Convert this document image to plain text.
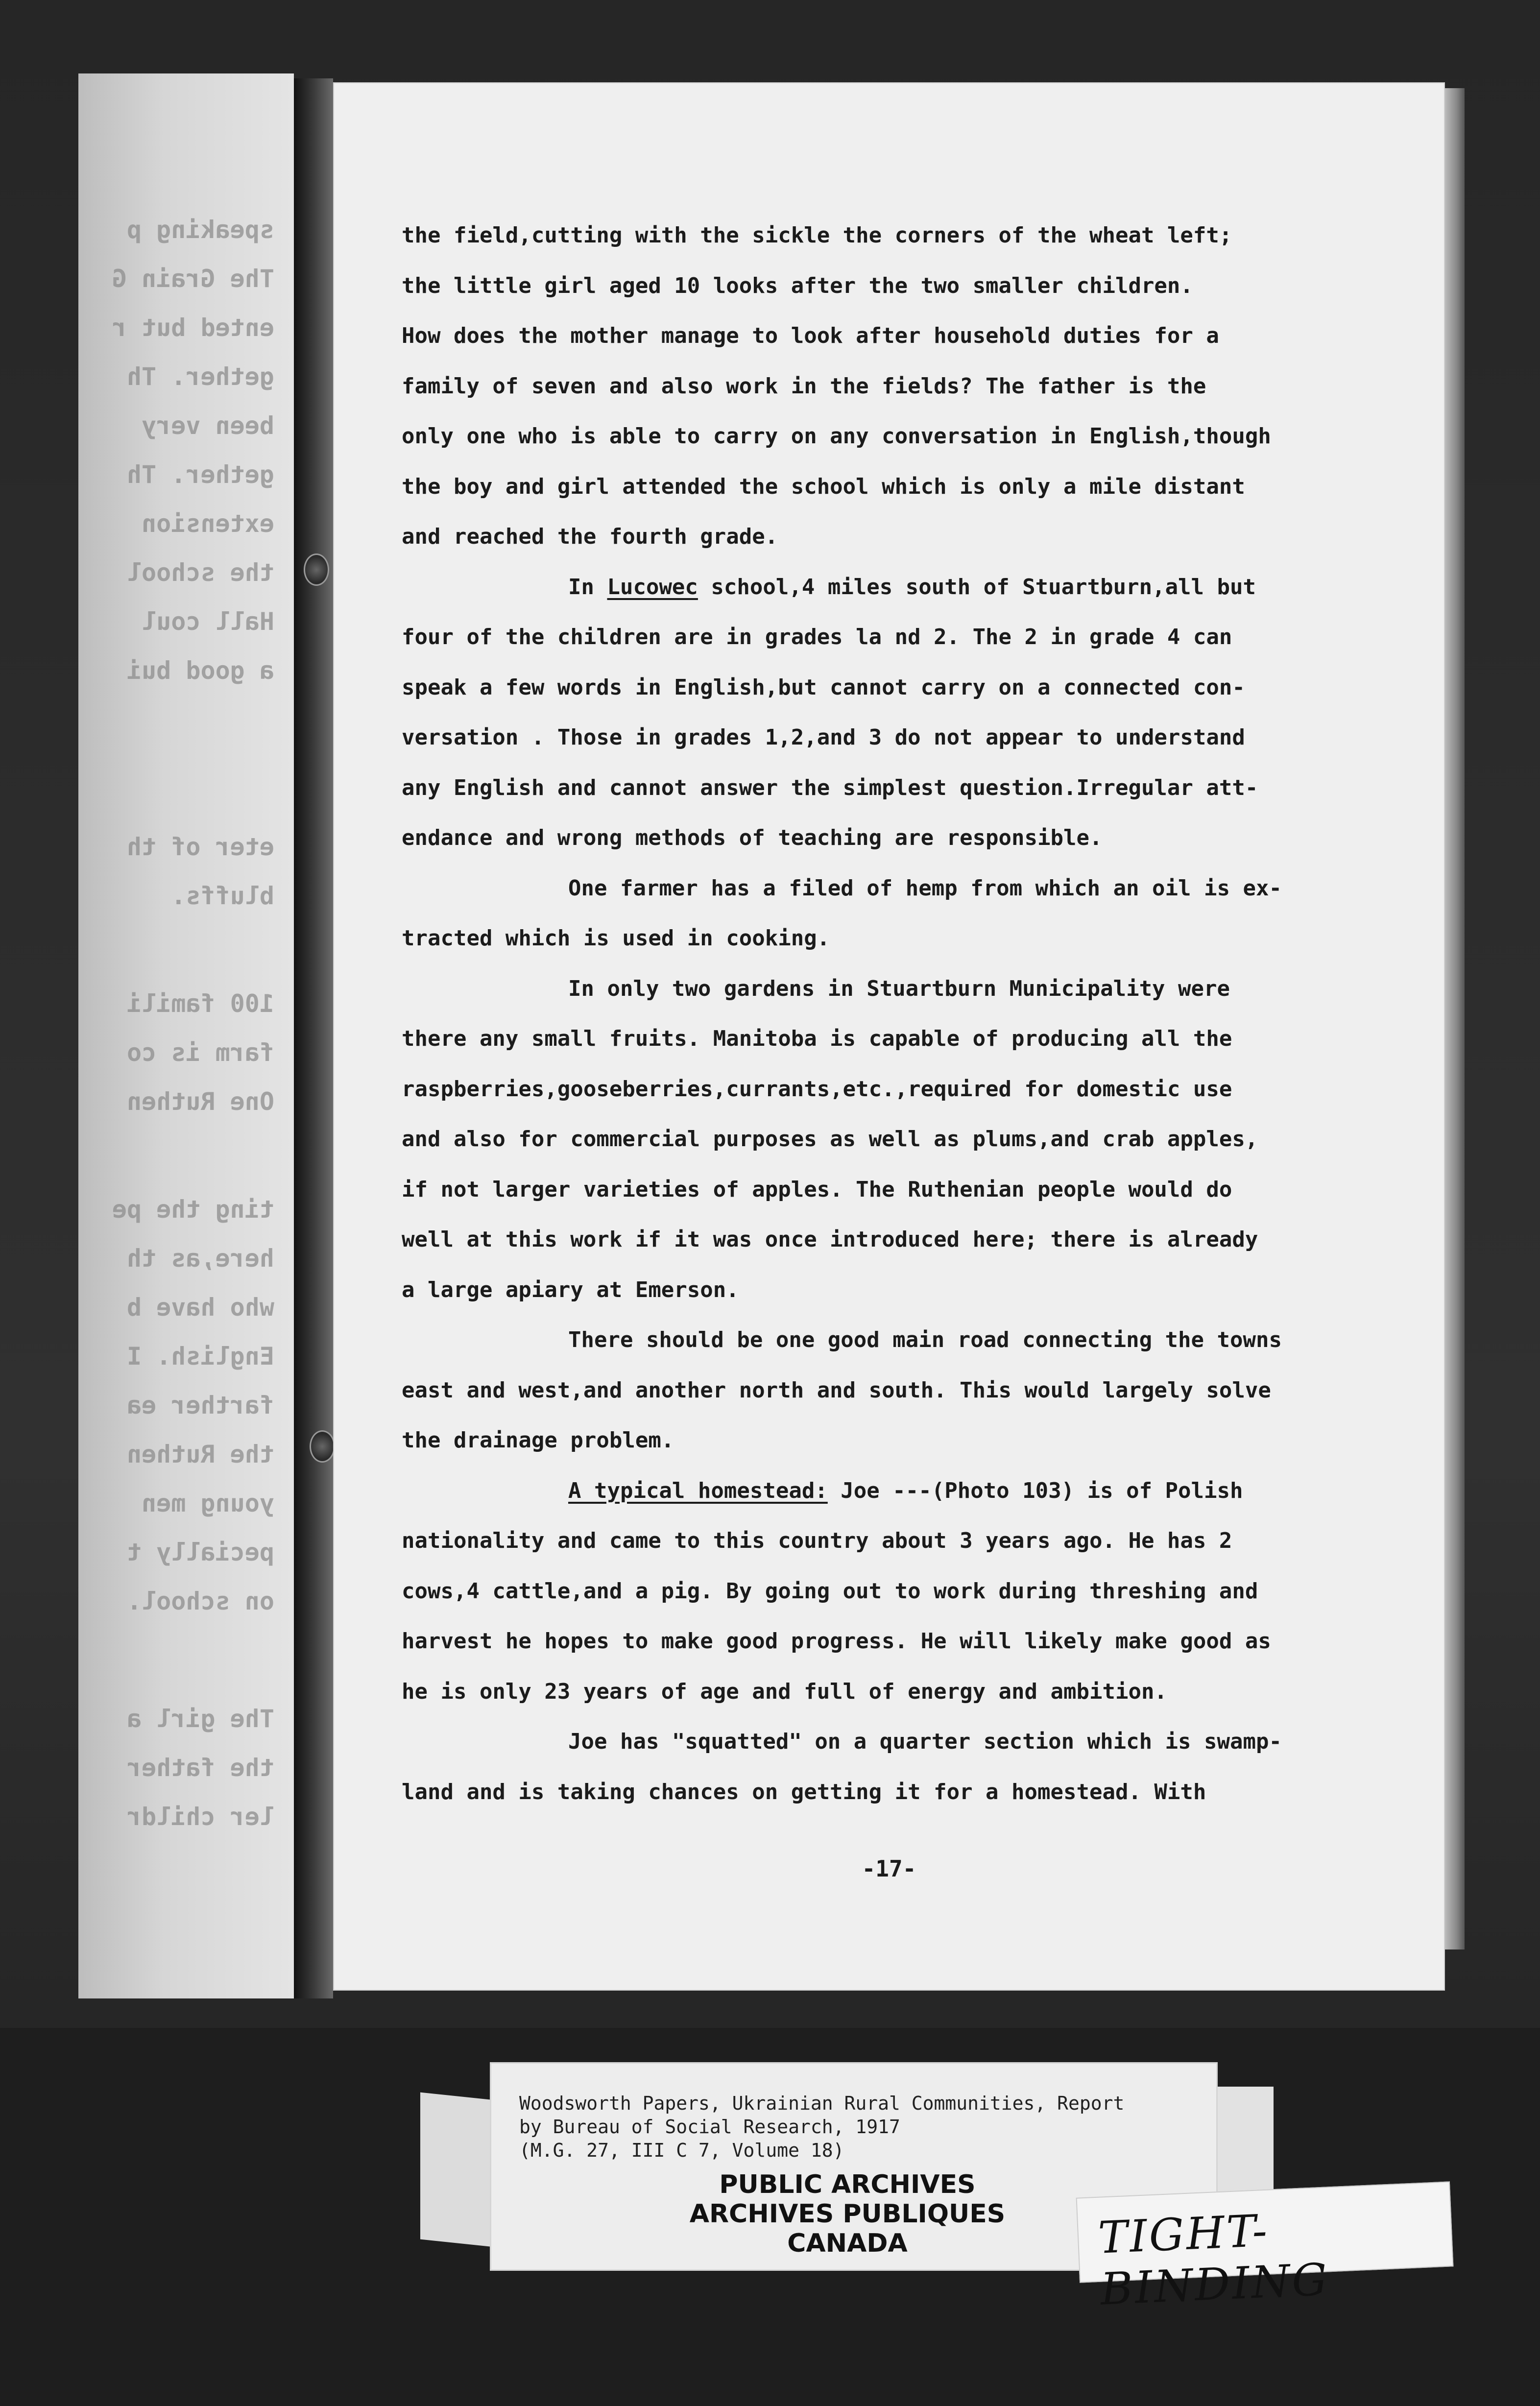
speaking p
The Grain G
ented but r
gether. Th
been very
gether. Th
extension
the school
Hall coul
a good bui
eter of th
bluffs.
100 famili
farm is co
One Ruthen
ting the pe
here,as th
who have b
English. I
farther ea
the Ruthen
young men
pecially t
on school.
The girl a
the father
ler childr
the field,cutting with the sickle the corners of the wheat left;
the little girl aged 10 looks after the two smaller children.
How does the mother manage to look after household duties for a
family of seven and also work in the fields? The father is the
only one who is able to carry on any conversation in English,though
the boy and girl attended the school which is only a mile distant
and reached the fourth grade.
In Lucowec school,4 miles south of Stuartburn,all but
four of the children are in grades la nd 2. The 2 in grade 4 can
speak a few words in English,but cannot carry on a connected con-
versation . Those in grades 1,2,and 3 do not appear to understand
any English and cannot answer the simplest question.Irregular att-
endance and wrong methods of teaching are responsible.
One farmer has a filed of hemp from which an oil is ex-
tracted which is used in cooking.
In only two gardens in Stuartburn Municipality were
there any small fruits. Manitoba is capable of producing all the
raspberries,gooseberries,currants,etc.,required for domestic use
and also for commercial purposes as well as plums,and crab apples,
if not larger varieties of apples. The Ruthenian people would do
well at this work if it was once introduced here; there is already
a large apiary at Emerson.
There should be one good main road connecting the towns
east and west,and another north and south. This would largely solve
the drainage problem.
A typical homestead: Joe ---(Photo 103) is of Polish
nationality and came to this country about 3 years ago. He has 2
cows,4 cattle,and a pig. By going out to work during threshing and
harvest he hopes to make good progress. He will likely make good as
he is only 23 years of age and full of energy and ambition.
Joe has "squatted" on a quarter section which is swamp-
land and is taking chances on getting it for a homestead. With
-17-
Woodsworth Papers, Ukrainian Rural Communities, Report
by Bureau of Social Research, 1917
(M.G. 27, III C 7, Volume 18)
PUBLIC ARCHIVES
ARCHIVES PUBLIQUES
CANADA	TIGHT-BINDING
